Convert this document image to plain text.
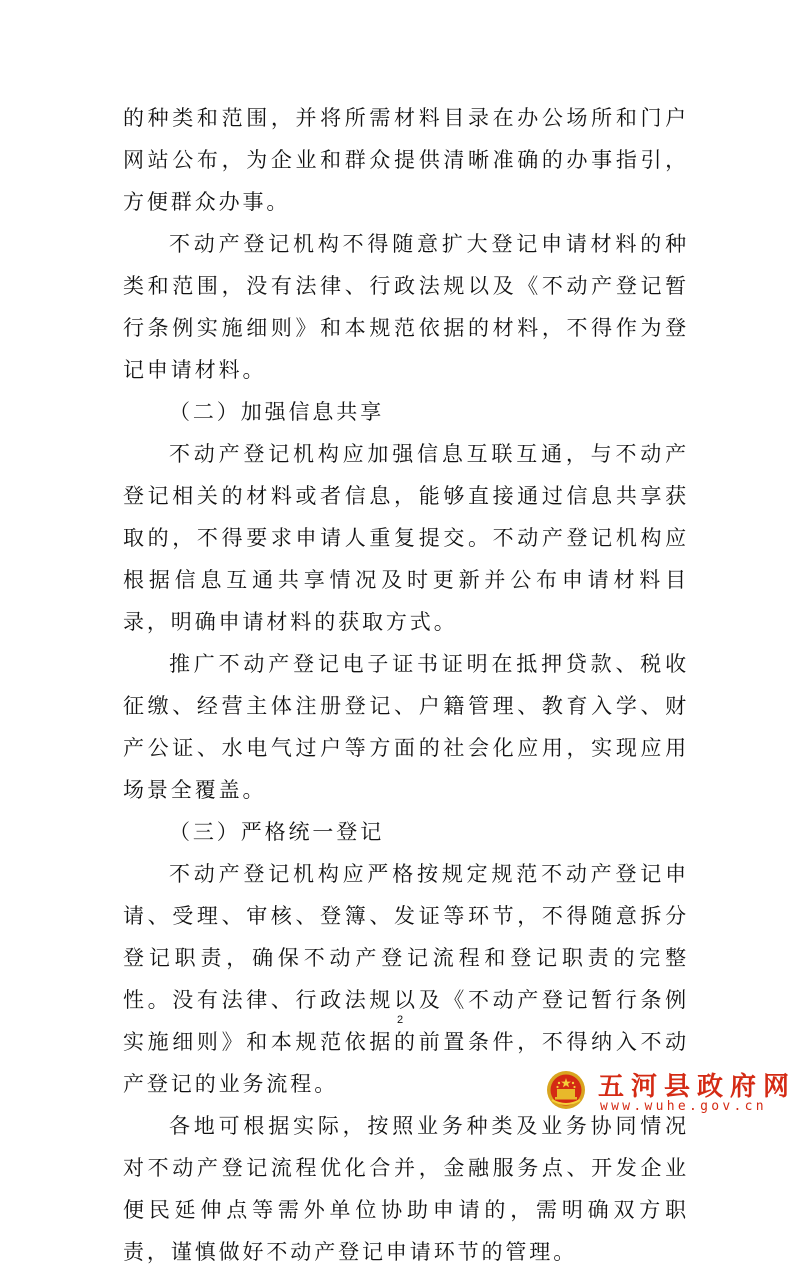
的种类和范围，并将所需材料目录在办公场所和门户网站公布，为企业和群众提供清晰准确的办事指引，方便群众办事。

不动产登记机构不得随意扩大登记申请材料的种类和范围，没有法律、行政法规以及《不动产登记暂行条例实施细则》和本规范依据的材料，不得作为登记申请材料。

（二）加强信息共享

不动产登记机构应加强信息互联互通，与不动产登记相关的材料或者信息，能够直接通过信息共享获取的，不得要求申请人重复提交。不动产登记机构应根据信息互通共享情况及时更新并公布申请材料目录，明确申请材料的获取方式。

推广不动产登记电子证书证明在抵押贷款、税收征缴、经营主体注册登记、户籍管理、教育入学、财产公证、水电气过户等方面的社会化应用，实现应用场景全覆盖。

（三）严格统一登记

不动产登记机构应严格按规定规范不动产登记申请、受理、审核、登簿、发证等环节，不得随意拆分登记职责，确保不动产登记流程和登记职责的完整性。没有法律、行政法规以及《不动产登记暂行条例实施细则》和本规范依据的前置条件，不得纳入不动产登记的业务流程。

各地可根据实际，按照业务种类及业务协同情况对不动产登记流程优化合并，金融服务点、开发企业便民延伸点等需外单位协助申请的，需明确双方职责，谨慎做好不动产登记申请环节的管理。

2
五河县政府网
www.wuhe.gov.cn
